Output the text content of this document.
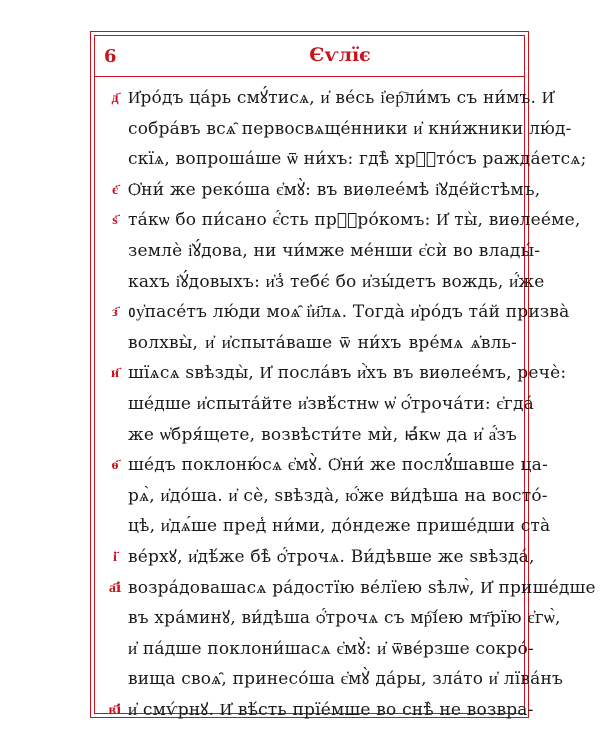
6	Єѵлїє
д҃ И҆ро́дъ ца́рь смꙋ́тисѧ, и҆ ве́сь і҆ер҇ли́мъ съ ни́мъ. И҆
собра́въ всѧ̑ первосвѧще́нники и҆ кни́жники лю́д-
скїѧ, вопроша́ше ѿ ни́хъ: гдѣ̀ хрⷭ҇то́съ ражда́етсѧ;
є҃ Ѻ҆ни́ же реко́ша є҆мꙋ̀: въ виѳлее́мѣ і҆ꙋде́йстѣмъ,
ѕ҃ та́кѡ бо пи́сано є҆́сть прⷪ҇ро́комъ: И҆ ты̀, виѳлее́ме,
землѐ і҆ꙋ́дова, ни чи́мже ме́нши є҆сѝ во влады́-
кахъ і҆ꙋ́довыхъ: и҆з̾ тебє́ бо и҆зы́детъ вождь, и҆́же
з҃ ᲂу҆пасе́тъ лю́ди моѧ̑ і҆и҃лѧ. Тогда̀ и҆ро́дъ та́й призва̀
волхвы̀, и҆ и҆спыта́ваше ѿ ни́хъ вре́мѧ ѧ҆вль-
и҃ шїѧсѧ ѕвѣзды̀, И҆ посла́въ и҆̀хъ въ виѳлее́мъ, речѐ:
ше́дше и҆спыта́йте и҆звѣ́стнѡ ѡ҆ ѻ҆́троча́ти: є҆гда́
же ѡ҆бря́щете, возвѣсти́те мѝ, ꙗ҆́кѡ да и҆ а҆́зъ
ѳ҃ ше́дъ поклоню́сѧ є҆мꙋ̀. Ѻ҆ни́ же послꙋ́шавше ца-
рѧ̀, и҆до́ша. и҆ сѐ, ѕвѣзда̀, ю҆́же ви́дѣша на восто́-
цѣ, и҆дѧ́ше пред̾ ни́ми, до́ндеже прише́дши ста̀
і҃ ве́рхꙋ, и҆дѣ́же бѣ̀ ѻ҆́трочѧ. Ви́дѣвше же ѕвѣзда́,
а҃і возра́довашасѧ ра́достїю ве́лїею ѕѣлѡ̀, И҆ прише́дше
въ хра́минꙋ, ви́дѣша ѻ҆́трочѧ съ мр҇і́ею мт҃рїю є҆гѡ̀,
и҆ па́дше поклони́шасѧ є҆мꙋ̀: и҆ ѿве́рзше сокро́-
вища своѧ̑, принесо́ша є҆мꙋ̀ да́ры, зла́то и҆ лїва́нъ
в҃і и҆ смѵ́рнꙋ. И҆ вѣ́сть прїе́мше во снѣ̀ не возвра-
